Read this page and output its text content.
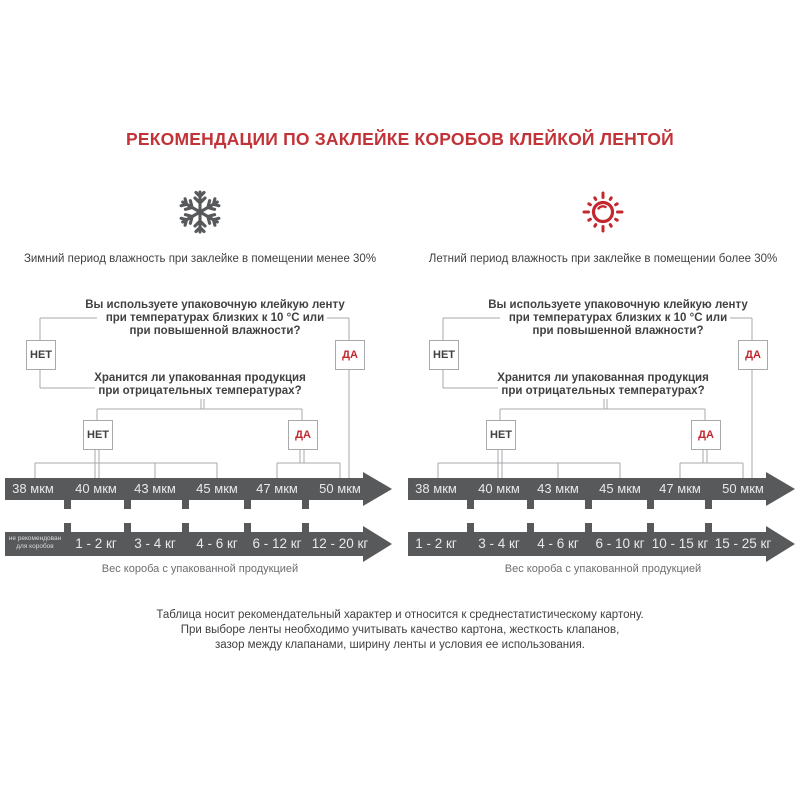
РЕКОМЕНДАЦИИ ПО ЗАКЛЕЙКЕ КОРОБОВ КЛЕЙКОЙ ЛЕНТОЙ
Зимний период влажность при заклейке в помещении менее 30%
Вы используете упаковочную клейкую ленту
при температурах близких к 10 °С или
при повышенной влажности?
Хранится ли упакованная продукция
при отрицательных температурах?
НЕТ	ДА
НЕТ	ДА
38 мкм 40 мкм 43 мкм 45 мкм 47 мкм 50 мкм
не рекомендован
для коробов	1 - 2 кг 3 - 4 кг 4 - 6 кг 6 - 12 кг 12 - 20 кг
Вес короба с упакованной продукцией
Летний период влажность при заклейке в помещении более 30%
Вы используете упаковочную клейкую ленту
при температурах близких к 10 °С или
при повышенной влажности?
Хранится ли упакованная продукция
при отрицательных температурах?
НЕТ	ДА
НЕТ	ДА
38 мкм 40 мкм 43 мкм 45 мкм 47 мкм 50 мкм
1 - 2 кг 3 - 4 кг 4 - 6 кг 6 - 10 кг 10 - 15 кг 15 - 25 кг
Вес короба с упакованной продукцией
Таблица носит рекомендательный характер и относится к среднестатистическому картону.
При выборе ленты необходимо учитывать качество картона, жесткость клапанов,
зазор между клапанами, ширину ленты и условия ее использования.
